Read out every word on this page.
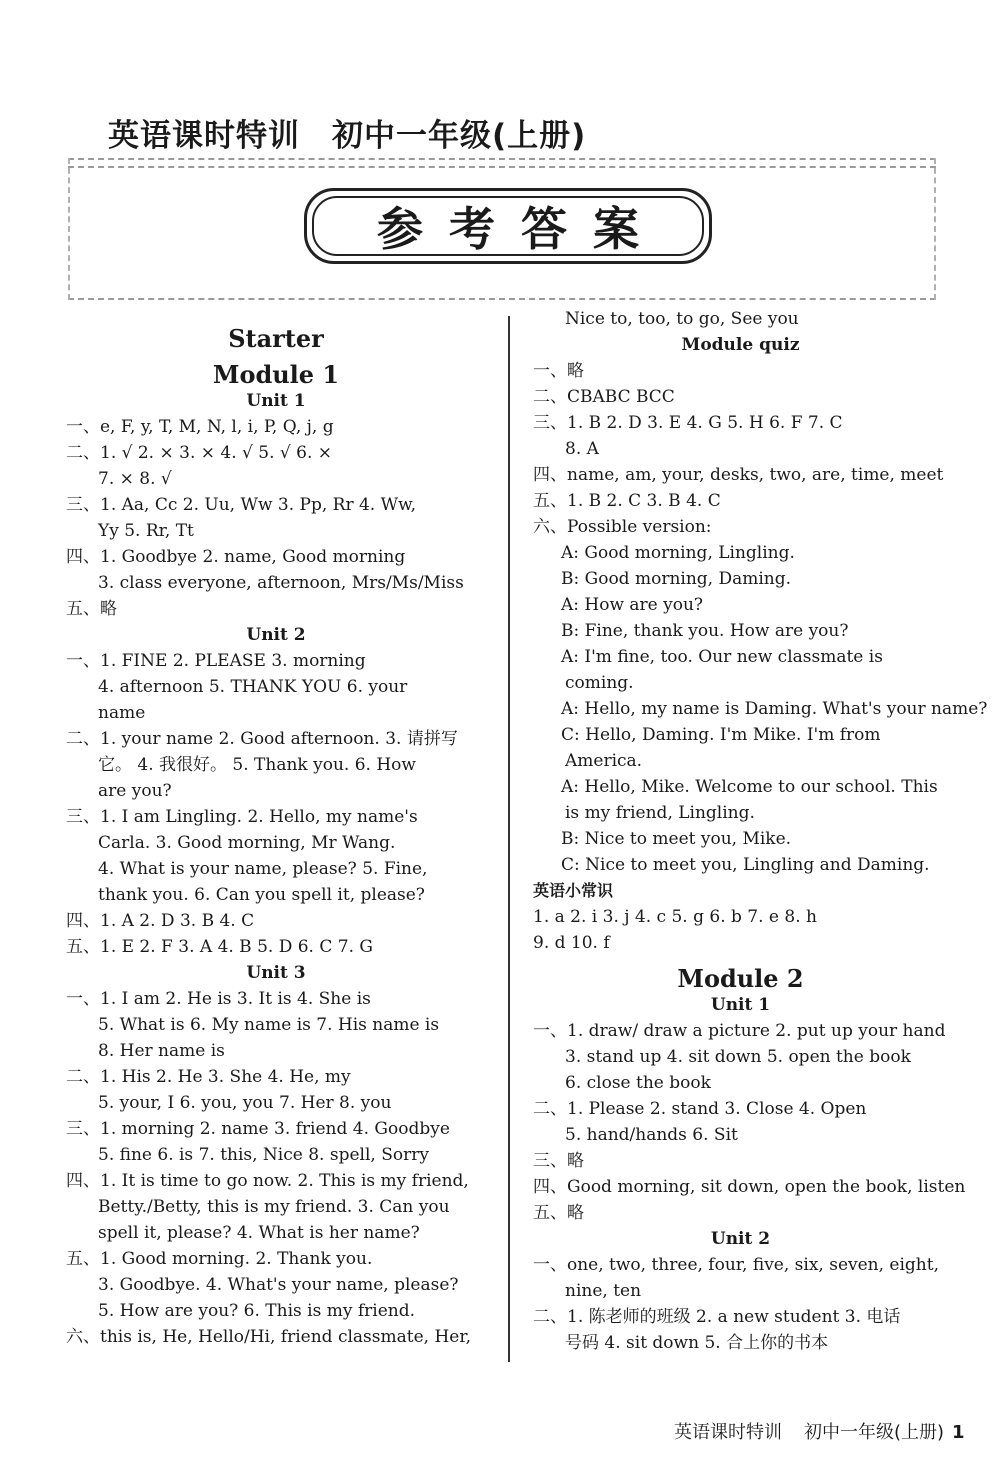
英语课时特训 初中一年级(上册)
参考答案
Starter
Module 1
Unit 1
一、e, F, y, T, M, N, l, i, P, Q, j, g
二、1. √ 2. × 3. × 4. √ 5. √ 6. ×
7. × 8. √
三、1. Aa, Cc 2. Uu, Ww 3. Pp, Rr 4. Ww,
Yy 5. Rr, Tt
四、1. Goodbye 2. name, Good morning
3. class everyone, afternoon, Mrs/Ms/Miss
五、略
Unit 2
一、1. FINE 2. PLEASE 3. morning
4. afternoon 5. THANK YOU 6. your
name
二、1. your name 2. Good afternoon. 3. 请拼写
它。 4. 我很好。 5. Thank you. 6. How
are you?
三、1. I am Lingling. 2. Hello, my name's
Carla. 3. Good morning, Mr Wang.
4. What is your name, please? 5. Fine,
thank you. 6. Can you spell it, please?
四、1. A 2. D 3. B 4. C
五、1. E 2. F 3. A 4. B 5. D 6. C 7. G
Unit 3
一、1. I am 2. He is 3. It is 4. She is
5. What is 6. My name is 7. His name is
8. Her name is
二、1. His 2. He 3. She 4. He, my
5. your, I 6. you, you 7. Her 8. you
三、1. morning 2. name 3. friend 4. Goodbye
5. fine 6. is 7. this, Nice 8. spell, Sorry
四、1. It is time to go now. 2. This is my friend,
Betty./Betty, this is my friend. 3. Can you
spell it, please? 4. What is her name?
五、1. Good morning. 2. Thank you.
3. Goodbye. 4. What's your name, please?
5. How are you? 6. This is my friend.
六、this is, He, Hello/Hi, friend classmate, Her,
Nice to, too, to go, See you
Module quiz
一、略
二、CBABC BCC
三、1. B 2. D 3. E 4. G 5. H 6. F 7. C
8. A
四、name, am, your, desks, two, are, time, meet
五、1. B 2. C 3. B 4. C
六、Possible version:
A: Good morning, Lingling.
B: Good morning, Daming.
A: How are you?
B: Fine, thank you. How are you?
A: I'm fine, too. Our new classmate is
coming.
A: Hello, my name is Daming. What's your name?
C: Hello, Daming. I'm Mike. I'm from
America.
A: Hello, Mike. Welcome to our school. This
is my friend, Lingling.
B: Nice to meet you, Mike.
C: Nice to meet you, Lingling and Daming.
英语小常识
1. a 2. i 3. j 4. c 5. g 6. b 7. e 8. h
9. d 10. f
Module 2
Unit 1
一、1. draw/ draw a picture 2. put up your hand
3. stand up 4. sit down 5. open the book
6. close the book
二、1. Please 2. stand 3. Close 4. Open
5. hand/hands 6. Sit
三、略
四、Good morning, sit down, open the book, listen
五、略
Unit 2
一、one, two, three, four, five, six, seven, eight,
nine, ten
二、1. 陈老师的班级 2. a new student 3. 电话
号码 4. sit down 5. 合上你的书本
英语课时特训 初中一年级(上册) 1
